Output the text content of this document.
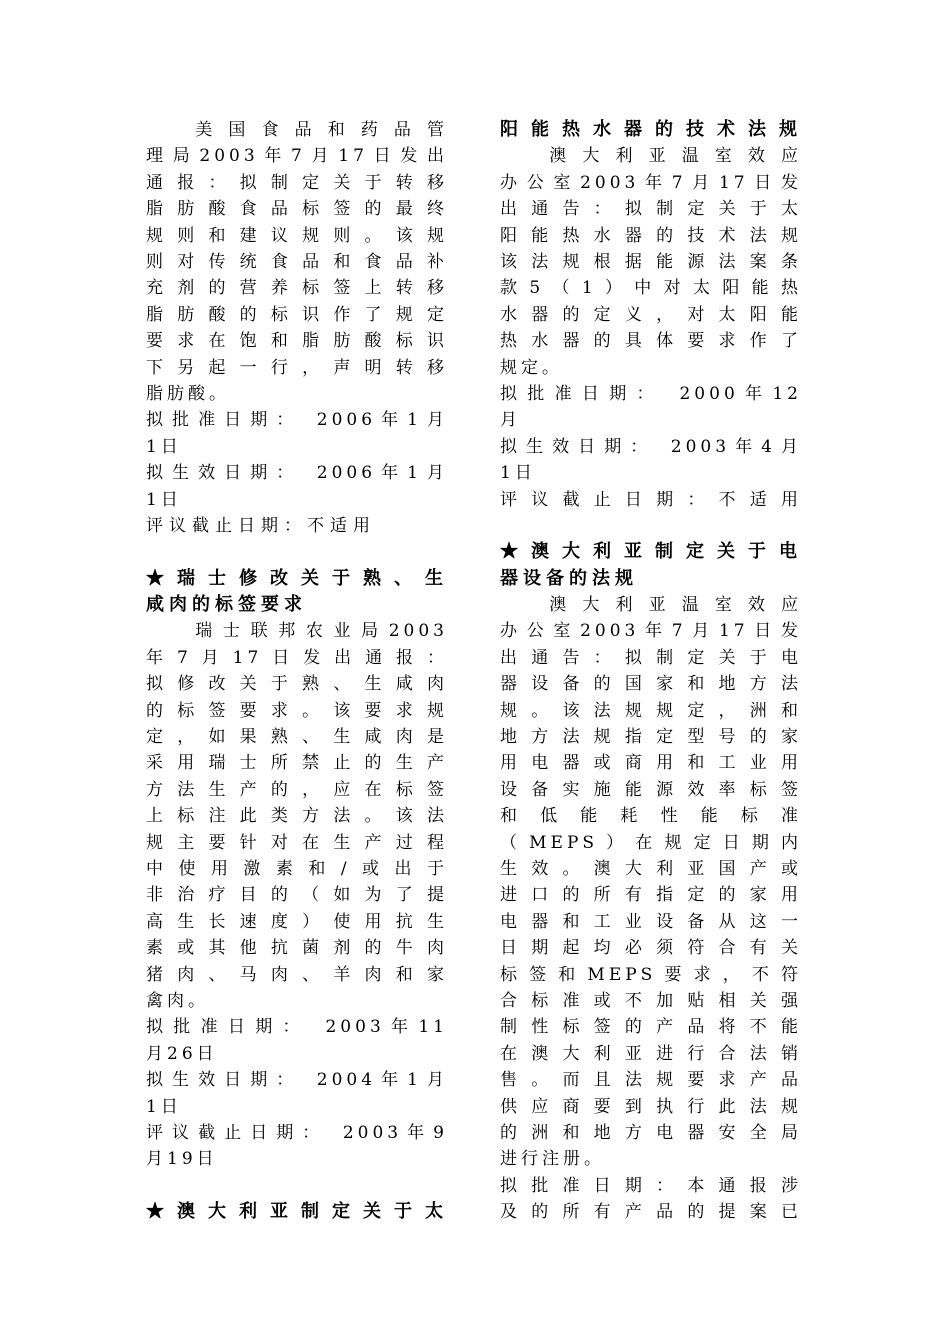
美国食品和药品管

理局2003年7月17日发出

通报：拟制定关于转移

脂肪酸食品标签的最终

规则和建议规则。该规

则对传统食品和食品补

充剂的营养标签上转移

脂肪酸的标识作了规定

要求在饱和脂肪酸标识

下另起一行，声明转移

脂肪酸。

拟批准日期： 2006年1月

1日

拟生效日期： 2006年1月

1日

评议截止日期：不适用

★瑞士修改关于熟、生

咸肉的标签要求

瑞士联邦农业局2003

年7月17日发出通报：

拟修改关于熟、生咸肉

的标签要求。该要求规

定，如果熟、生咸肉是

采用瑞士所禁止的生产

方法生产的，应在标签

上标注此类方法。该法

规主要针对在生产过程

中使用激素和/或出于

非治疗目的（如为了提

高生长速度）使用抗生

素或其他抗菌剂的牛肉

猪肉、马肉、羊肉和家

禽肉。

拟批准日期： 2003年11

月26日

拟生效日期： 2004年1月

1日

评议截止日期： 2003年9

月19日

★澳大利亚制定关于太

阳能热水器的技术法规

澳大利亚温室效应

办公室2003年7月17日发

出通告：拟制定关于太

阳能热水器的技术法规

该法规根据能源法案条

款5（1）中对太阳能热

水器的定义，对太阳能

热水器的具体要求作了

规定。

拟批准日期： 2000年12

月

拟生效日期： 2003年4月

1日

评议截止日期：不适用

★澳大利亚制定关于电

器设备的法规

澳大利亚温室效应

办公室2003年7月17日发

出通告：拟制定关于电

器设备的国家和地方法

规。该法规规定，洲和

地方法规指定型号的家

用电器或商用和工业用

设备实施能源效率标签

和低能耗性能标准

（MEPS）在规定日期内

生效。澳大利亚国产或

进口的所有指定的家用

电器和工业设备从这一

日期起均必须符合有关

标签和MEPS要求，不符

合标准或不加贴相关强

制性标签的产品将不能

在澳大利亚进行合法销

售。而且法规要求产品

供应商要到执行此法规

的洲和地方电器安全局

进行注册。

拟批准日期：本通报涉

及的所有产品的提案已
